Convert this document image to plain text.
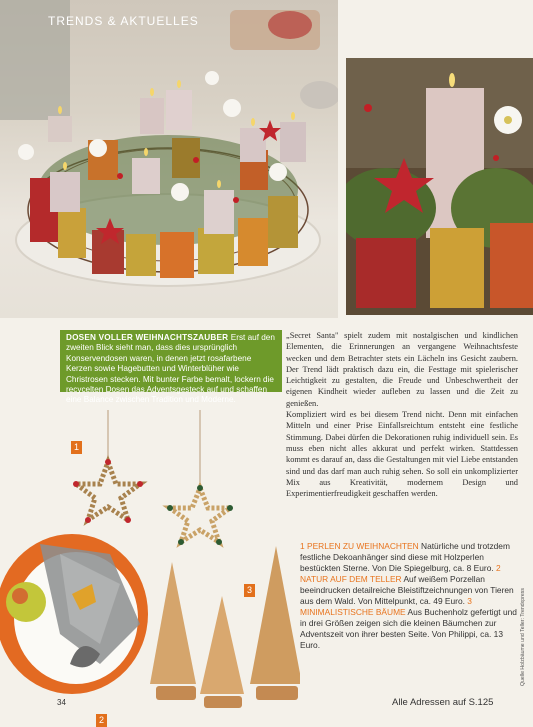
TRENDS & AKTUELLES
DOSEN VOLLER WEIHNACHTSZAUBER Erst auf den zweiten Blick sieht man, dass dies ursprünglich Konservendosen waren, in denen jetzt rosafarbene Kerzen sowie Hagebutten und Winterblüher wie Christrosen stecken. Mit bunter Farbe bemalt, lockern die recycelten Dosen das Adventsgesteck auf und schaffen eine Balance zwischen Tradition und Moderne.

„Secret Santa" spielt zudem mit nostalgischen und kindlichen Elementen, die Erinnerungen an vergangene Weihnachtsfeste wecken und dem Betrachter stets ein Lächeln ins Gesicht zaubern. Der Trend lädt praktisch dazu ein, die Festtage mit spielerischer Leichtigkeit zu gestalten, die Freude und Unbeschwertheit der eigenen Kindheit wieder aufleben zu lassen und die Zeit zu genießen.

Kompliziert wird es bei diesem Trend nicht. Denn mit einfachen Mitteln und einer Prise Einfallsreichtum entsteht eine festliche Stimmung. Dabei dürfen die Dekorationen ruhig individuell sein. Es muss eben nicht alles akkurat und perfekt wirken. Stattdessen kommt es darauf an, dass die Gestaltungen mit viel Liebe entstanden sind und das darf man auch ruhig sehen. So soll ein unkomplizierter Mix aus Kreativität, modernem Design und Experimentierfreudigkeit geschaffen werden.

1
2
3
1 PERLEN ZU WEIHNACHTEN Natürliche und trotzdem festliche Dekoanhänger sind diese mit Holzperlen bestückten Sterne. Von Die Spiegelburg, ca. 8 Euro. 2 NATUR AUF DEM TELLER Auf weißem Porzellan beeindrucken detailreiche Bleistiftzeichnungen von Tieren aus dem Wald. Von Mittelpunkt, ca. 49 Euro. 3 MINIMALISTISCHE BÄUME Aus Buchenholz gefertigt und in drei Größen zeigen sich die kleinen Bäumchen zur Adventszeit von ihrer besten Seite. Von Philippi, ca. 13 Euro.	Quelle Holzbäume und Teller: Trendxpress
34	Alle Adressen auf S.125
